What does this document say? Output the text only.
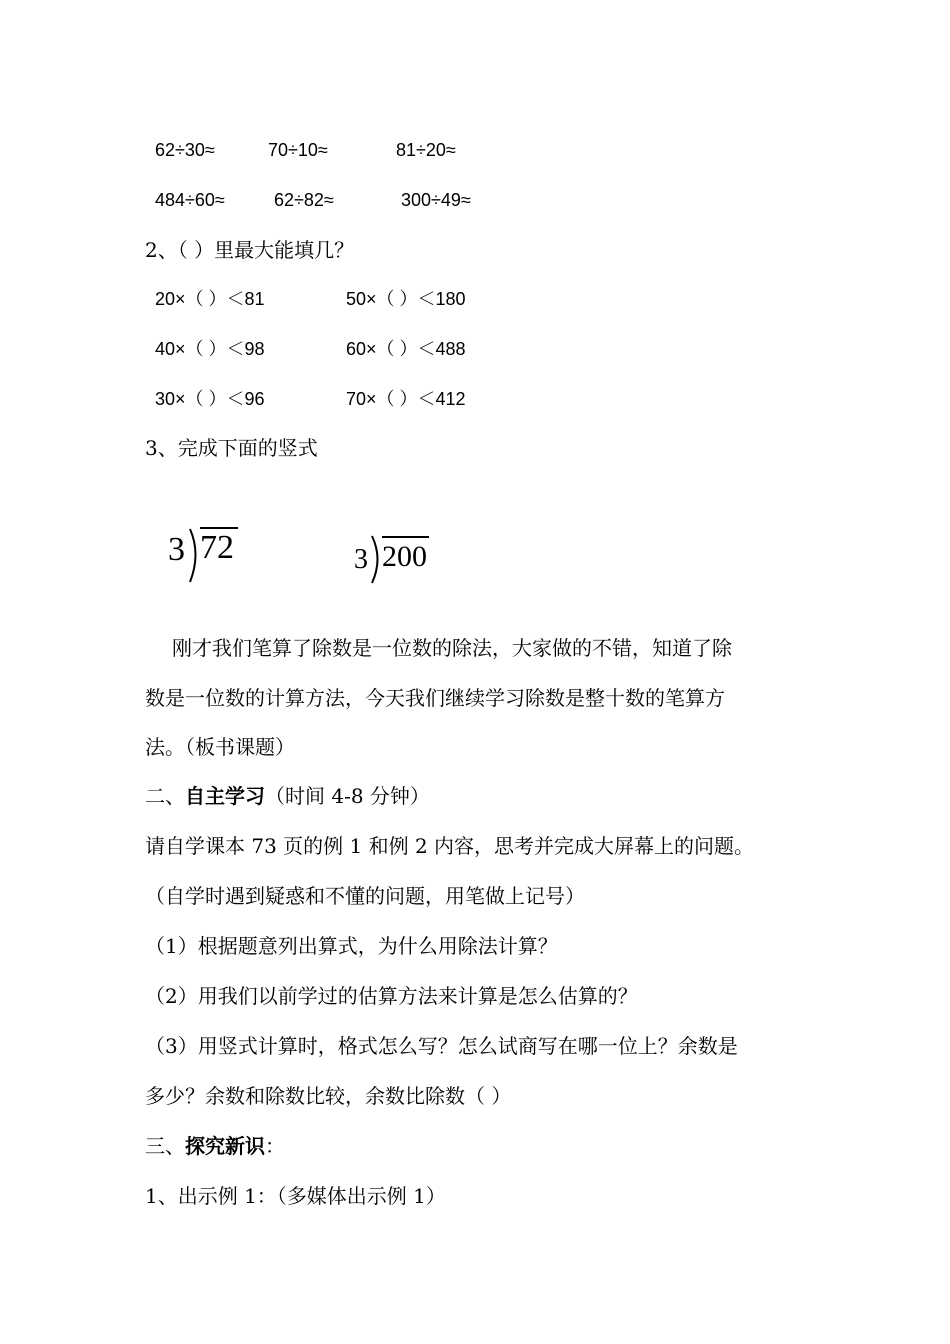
62÷30≈	70÷10≈	81÷20≈
484÷60≈	62÷82≈	300÷49≈
2、（ ）里最大能填几？
20×（ ）＜81	50×（ ）＜180
40×（ ）＜98	60×（ ）＜488
30×（ ）＜96	70×（ ）＜412
3、完成下面的竖式
3 72	3 200
刚才我们笔算了除数是一位数的除法，大家做的不错，知道了除
数是一位数的计算方法，今天我们继续学习除数是整十数的笔算方
法。（板书课题）
二、自主学习（时间 4-8 分钟）
请自学课本 73 页的例 1 和例 2 内容，思考并完成大屏幕上的问题。
（自学时遇到疑惑和不懂的问题，用笔做上记号）
（1）根据题意列出算式，为什么用除法计算？
（2）用我们以前学过的估算方法来计算是怎么估算的？
（3）用竖式计算时，格式怎么写？怎么试商写在哪一位上？余数是
多少？余数和除数比较，余数比除数（ ）
三、探究新识：
1、出示例 1：（多媒体出示例 1）
